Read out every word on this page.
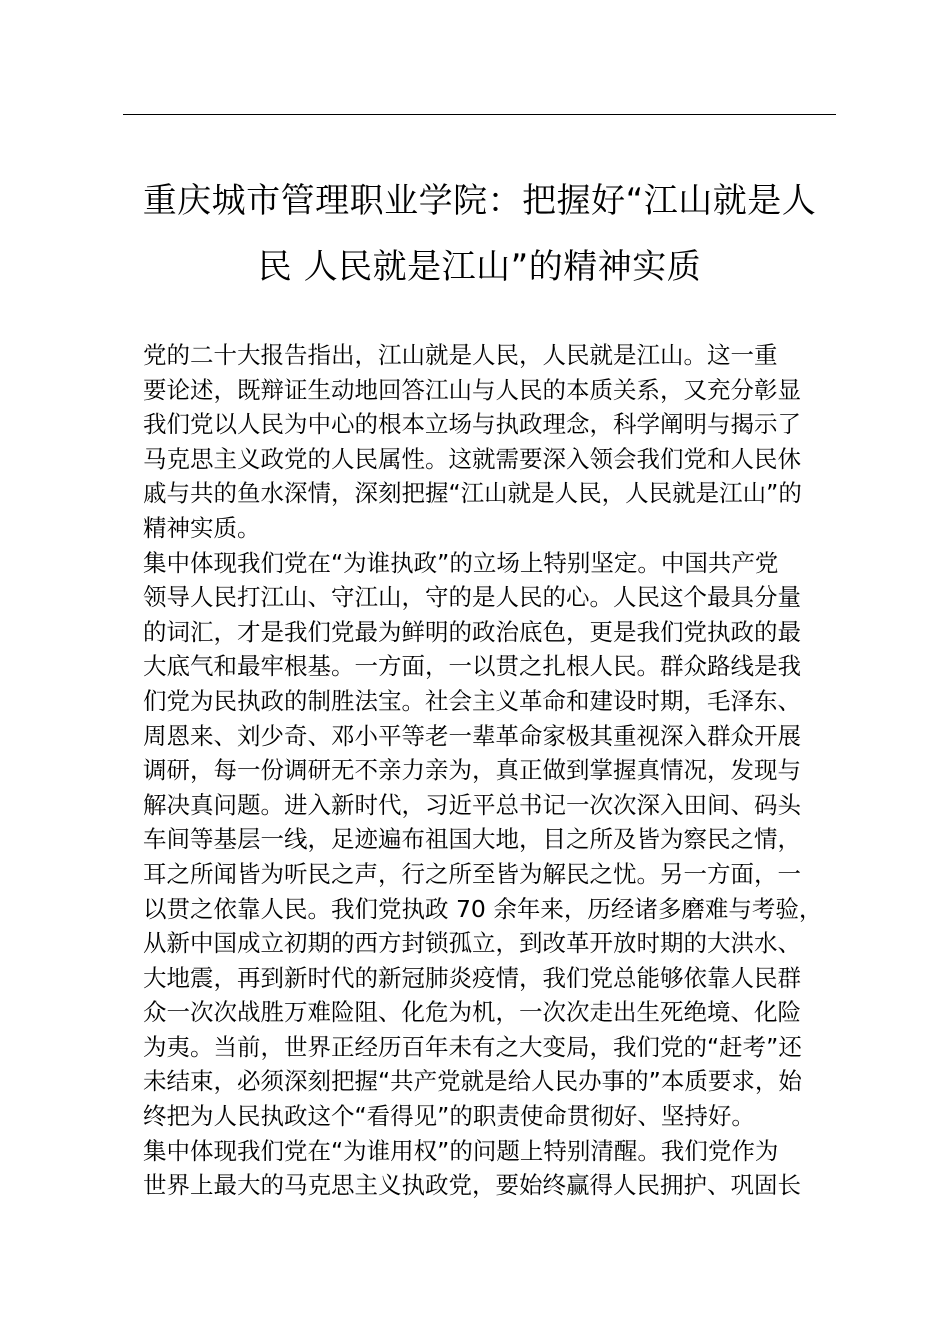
重庆城市管理职业学院：把握好“江山就是人
民 人民就是江山”的精神实质

党的二十大报告指出，江山就是人民，人民就是江山。这一重
要论述，既辩证生动地回答江山与人民的本质关系，又充分彰显
我们党以人民为中心的根本立场与执政理念，科学阐明与揭示了
马克思主义政党的人民属性。这就需要深入领会我们党和人民休
戚与共的鱼水深情，深刻把握“江山就是人民，人民就是江山”的
精神实质。

集中体现我们党在“为谁执政”的立场上特别坚定。中国共产党
领导人民打江山、守江山，守的是人民的心。人民这个最具分量
的词汇，才是我们党最为鲜明的政治底色，更是我们党执政的最
大底气和最牢根基。一方面，一以贯之扎根人民。群众路线是我
们党为民执政的制胜法宝。社会主义革命和建设时期，毛泽东、
周恩来、刘少奇、邓小平等老一辈革命家极其重视深入群众开展
调研，每一份调研无不亲力亲为，真正做到掌握真情况，发现与
解决真问题。进入新时代，习近平总书记一次次深入田间、码头
车间等基层一线，足迹遍布祖国大地，目之所及皆为察民之情，
耳之所闻皆为听民之声，行之所至皆为解民之忧。另一方面，一
以贯之依靠人民。我们党执政 70 余年来，历经诸多磨难与考验，
从新中国成立初期的西方封锁孤立，到改革开放时期的大洪水、
大地震，再到新时代的新冠肺炎疫情，我们党总能够依靠人民群
众一次次战胜万难险阻、化危为机，一次次走出生死绝境、化险
为夷。当前，世界正经历百年未有之大变局，我们党的“赶考”还
未结束，必须深刻把握“共产党就是给人民办事的”本质要求，始
终把为人民执政这个“看得见”的职责使命贯彻好、坚持好。

集中体现我们党在“为谁用权”的问题上特别清醒。我们党作为
世界上最大的马克思主义执政党，要始终赢得人民拥护、巩固长
